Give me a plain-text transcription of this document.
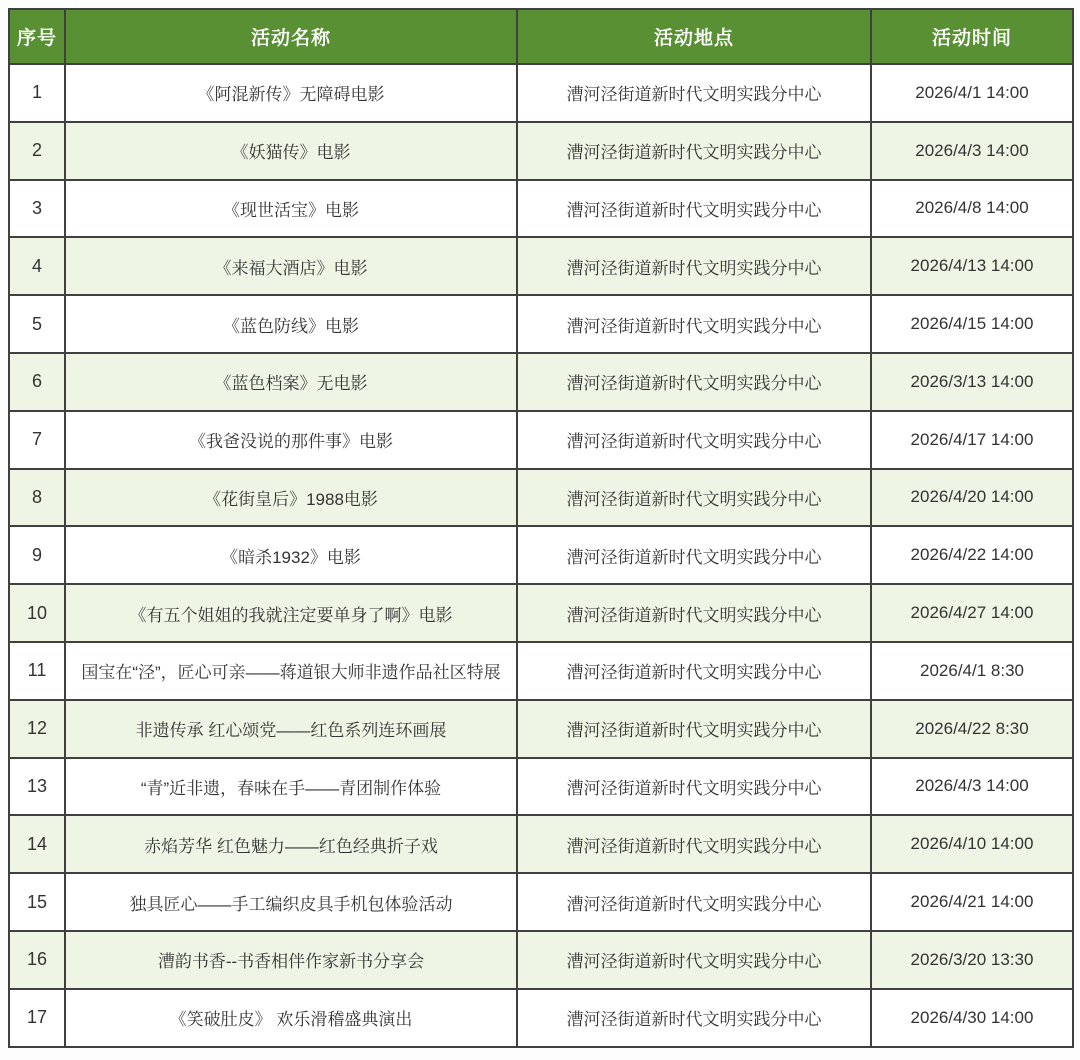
序号	活动名称	活动地点	活动时间
1	《阿混新传》无障碍电影	漕河泾街道新时代文明实践分中心	2026/4/1 14:00
2	《妖猫传》电影	漕河泾街道新时代文明实践分中心	2026/4/3 14:00
3	《现世活宝》电影	漕河泾街道新时代文明实践分中心	2026/4/8 14:00
4	《来福大酒店》电影	漕河泾街道新时代文明实践分中心	2026/4/13 14:00
5	《蓝色防线》电影	漕河泾街道新时代文明实践分中心	2026/4/15 14:00
6	《蓝色档案》无电影	漕河泾街道新时代文明实践分中心	2026/3/13 14:00
7	《我爸没说的那件事》电影	漕河泾街道新时代文明实践分中心	2026/4/17 14:00
8	《花街皇后》1988电影	漕河泾街道新时代文明实践分中心	2026/4/20 14:00
9	《暗杀1932》电影	漕河泾街道新时代文明实践分中心	2026/4/22 14:00
10	《有五个姐姐的我就注定要单身了啊》电影	漕河泾街道新时代文明实践分中心	2026/4/27 14:00
11	国宝在“泾”，匠心可亲——蒋道银大师非遗作品社区特展	漕河泾街道新时代文明实践分中心	2026/4/1 8:30
12	非遗传承 红心颂党——红色系列连环画展	漕河泾街道新时代文明实践分中心	2026/4/22 8:30
13	“青”近非遗，春味在手——青团制作体验	漕河泾街道新时代文明实践分中心	2026/4/3 14:00
14	赤焰芳华 红色魅力——红色经典折子戏	漕河泾街道新时代文明实践分中心	2026/4/10 14:00
15	独具匠心——手工编织皮具手机包体验活动	漕河泾街道新时代文明实践分中心	2026/4/21 14:00
16	漕韵书香--书香相伴作家新书分享会	漕河泾街道新时代文明实践分中心	2026/3/20 13:30
17	《笑破肚皮》 欢乐滑稽盛典演出	漕河泾街道新时代文明实践分中心	2026/4/30 14:00
